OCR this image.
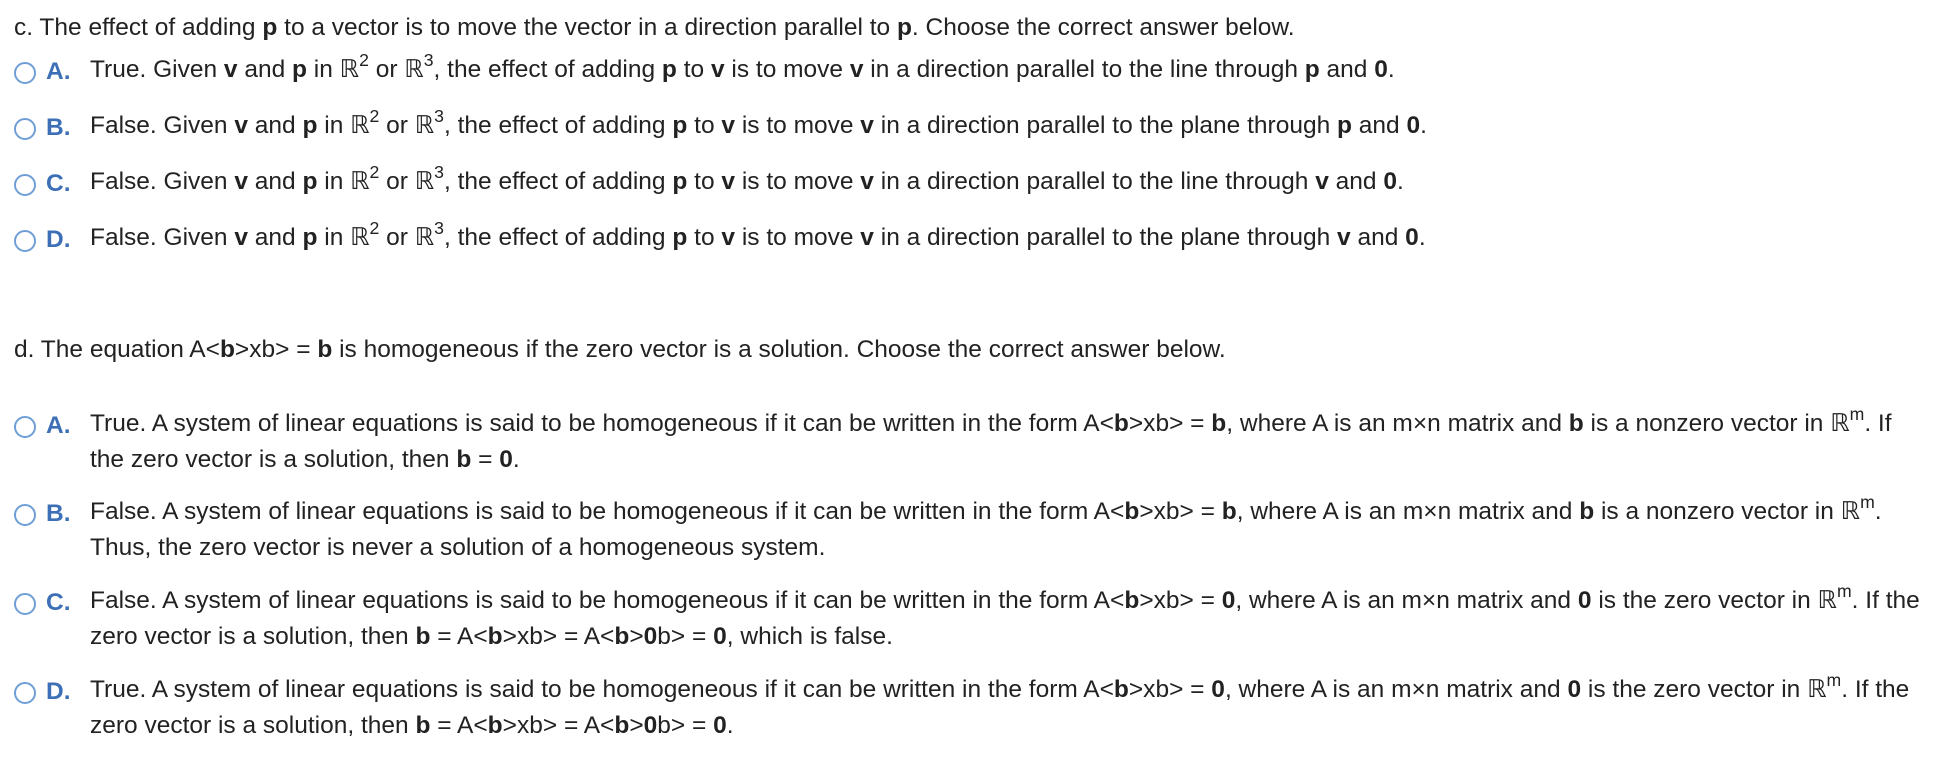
c. The effect of adding p to a vector is to move the vector in a direction parallel to p. Choose the correct answer below.
A. True. Given v and p in ℝ$^2$ or ℝ$^3$, the effect of adding p to v is to move v in a direction parallel to the line through p and 0.
B. False. Given v and p in ℝ$^2$ or ℝ$^3$, the effect of adding p to v is to move v in a direction parallel to the plane through p and 0.
C. False. Given v and p in ℝ$^2$ or ℝ$^3$, the effect of adding p to v is to move v in a direction parallel to the line through v and 0.
D. False. Given v and p in ℝ$^2$ or ℝ$^3$, the effect of adding p to v is to move v in a direction parallel to the plane through v and 0.
d. The equation A<b>xb> = b is homogeneous if the zero vector is a solution. Choose the correct answer below.
A. True. A system of linear equations is said to be homogeneous if it can be written in the form A<b>xb> = b, where A is an m×n matrix and b is a nonzero vector in ℝ$^m$. If the zero vector is a solution, then b = 0.
B. False. A system of linear equations is said to be homogeneous if it can be written in the form A<b>xb> = b, where A is an m×n matrix and b is a nonzero vector in ℝ$^m$. Thus, the zero vector is never a solution of a homogeneous system.
C. False. A system of linear equations is said to be homogeneous if it can be written in the form A<b>xb> = 0, where A is an m×n matrix and 0 is the zero vector in ℝ$^m$. If the zero vector is a solution, then b = A<b>xb> = A<b>0b> = 0, which is false.
D. True. A system of linear equations is said to be homogeneous if it can be written in the form A<b>xb> = 0, where A is an m×n matrix and 0 is the zero vector in ℝ$^m$. If the zero vector is a solution, then b = A<b>xb> = A<b>0b> = 0.
